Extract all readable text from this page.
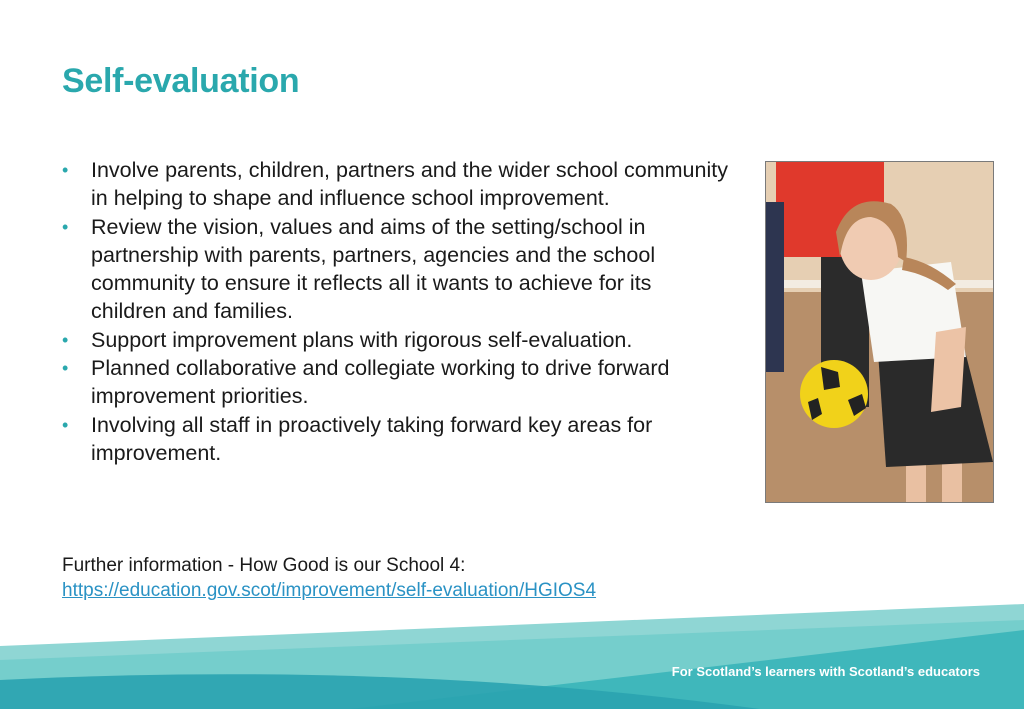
Self-evaluation
• Involve parents, children, partners and the wider school community in helping to shape and influence school improvement.
• Review the vision, values and aims of the setting/school in partnership with parents, partners, agencies and the school community to ensure it reflects all it wants to achieve for its children and families.
• Support improvement plans with rigorous self-evaluation.
• Planned collaborative and collegiate working to drive forward improvement priorities.
• Involving all staff in proactively taking forward key areas for improvement.
Further information - How Good is our School 4:
https://education.gov.scot/improvement/self-evaluation/HGIOS4
For Scotland’s learners with Scotland’s educators
